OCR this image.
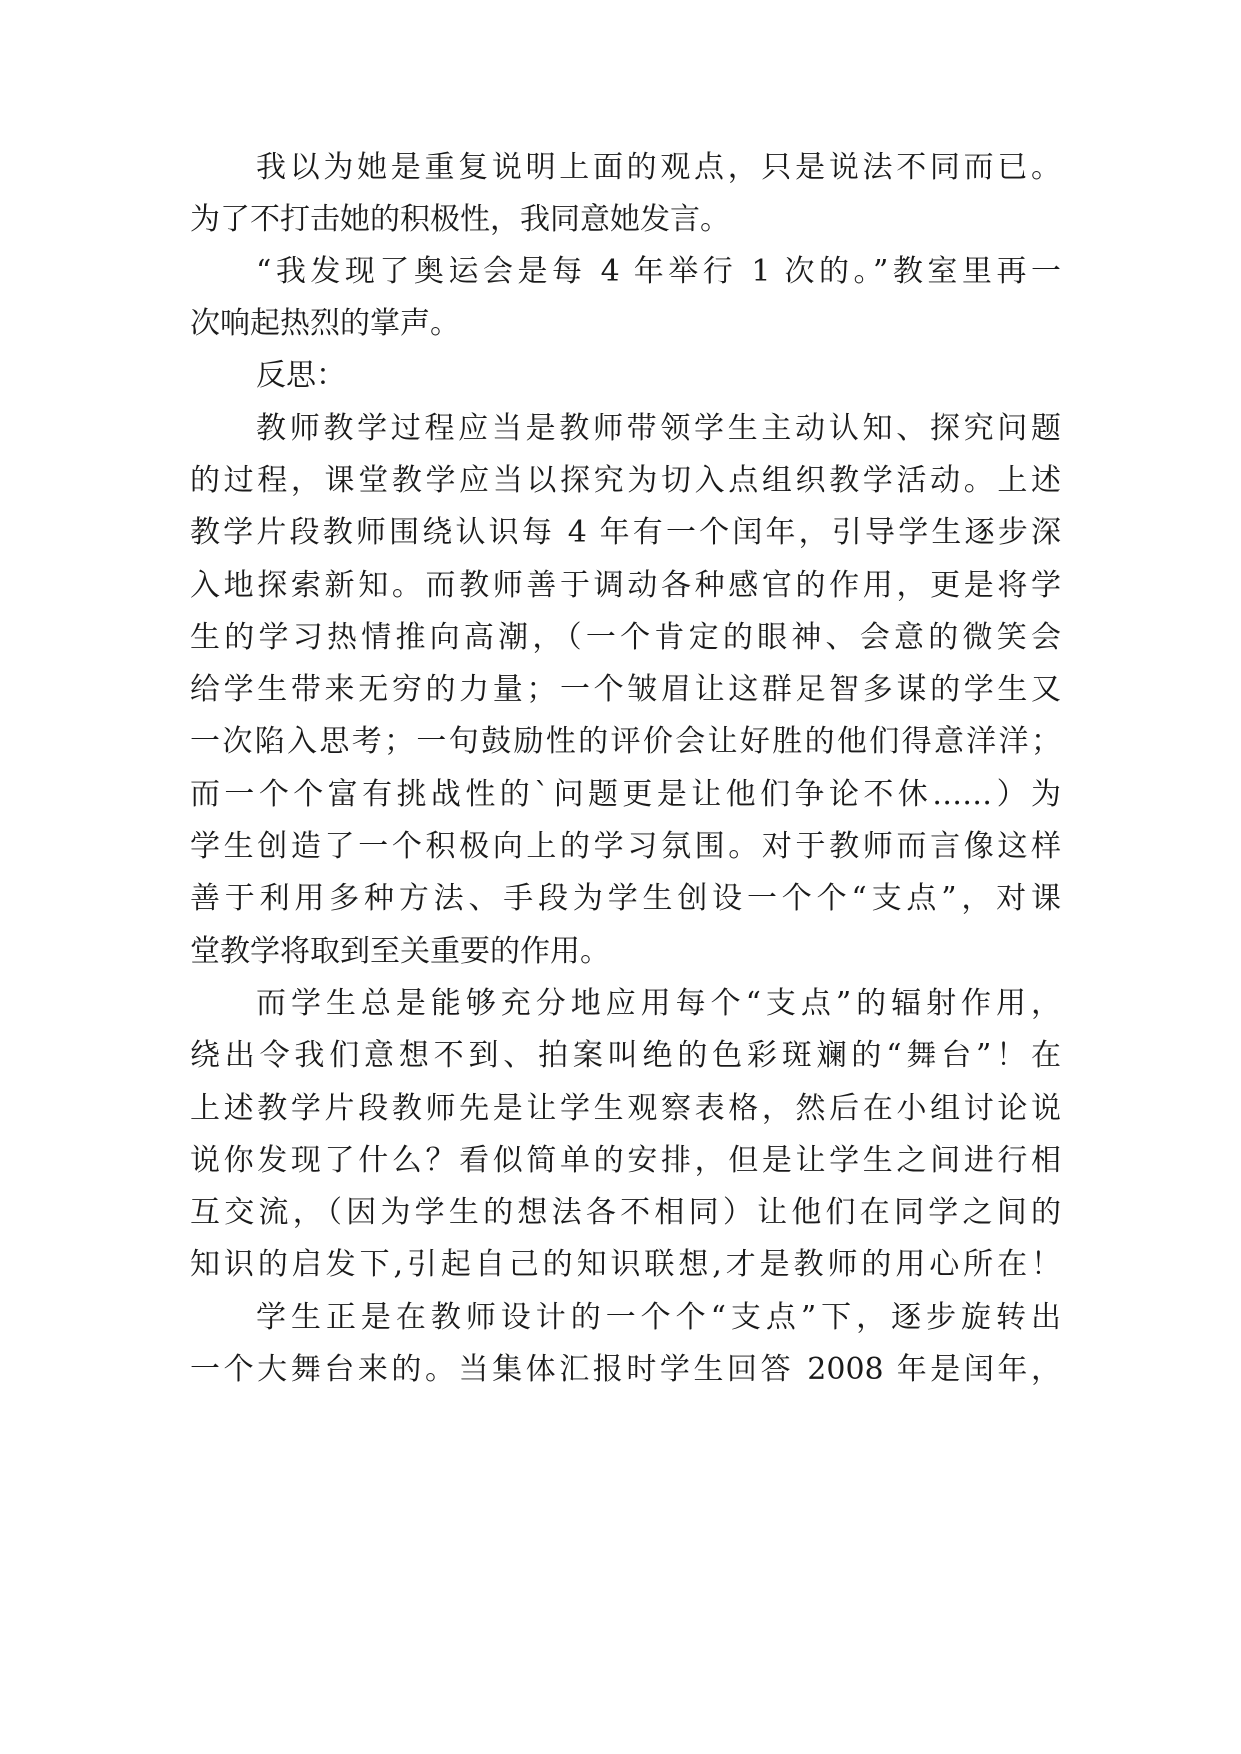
我以为她是重复说明上面的观点，只是说法不同而已。
为了不打击她的积极性，我同意她发言。
“我发现了奥运会是每 4 年举行 1 次的。”教室里再一
次响起热烈的掌声。
反思：
教师教学过程应当是教师带领学生主动认知、探究问题
的过程，课堂教学应当以探究为切入点组织教学活动。上述
教学片段教师围绕认识每 4 年有一个闰年，引导学生逐步深
入地探索新知。而教师善于调动各种感官的作用，更是将学
生的学习热情推向高潮，（一个肯定的眼神、会意的微笑会
给学生带来无穷的力量；一个皱眉让这群足智多谋的学生又
一次陷入思考；一句鼓励性的评价会让好胜的他们得意洋洋；
而一个个富有挑战性的`问题更是让他们争论不休……）为
学生创造了一个积极向上的学习氛围。对于教师而言像这样
善于利用多种方法、手段为学生创设一个个“支点”，对课
堂教学将取到至关重要的作用。
而学生总是能够充分地应用每个“支点”的辐射作用，
绕出令我们意想不到、拍案叫绝的色彩斑斓的“舞台”！在
上述教学片段教师先是让学生观察表格，然后在小组讨论说
说你发现了什么？看似简单的安排，但是让学生之间进行相
互交流，（因为学生的想法各不相同）让他们在同学之间的
知识的启发下,引起自己的知识联想,才是教师的用心所在！
学生正是在教师设计的一个个“支点”下，逐步旋转出
一个大舞台来的。当集体汇报时学生回答 2008 年是闰年，
